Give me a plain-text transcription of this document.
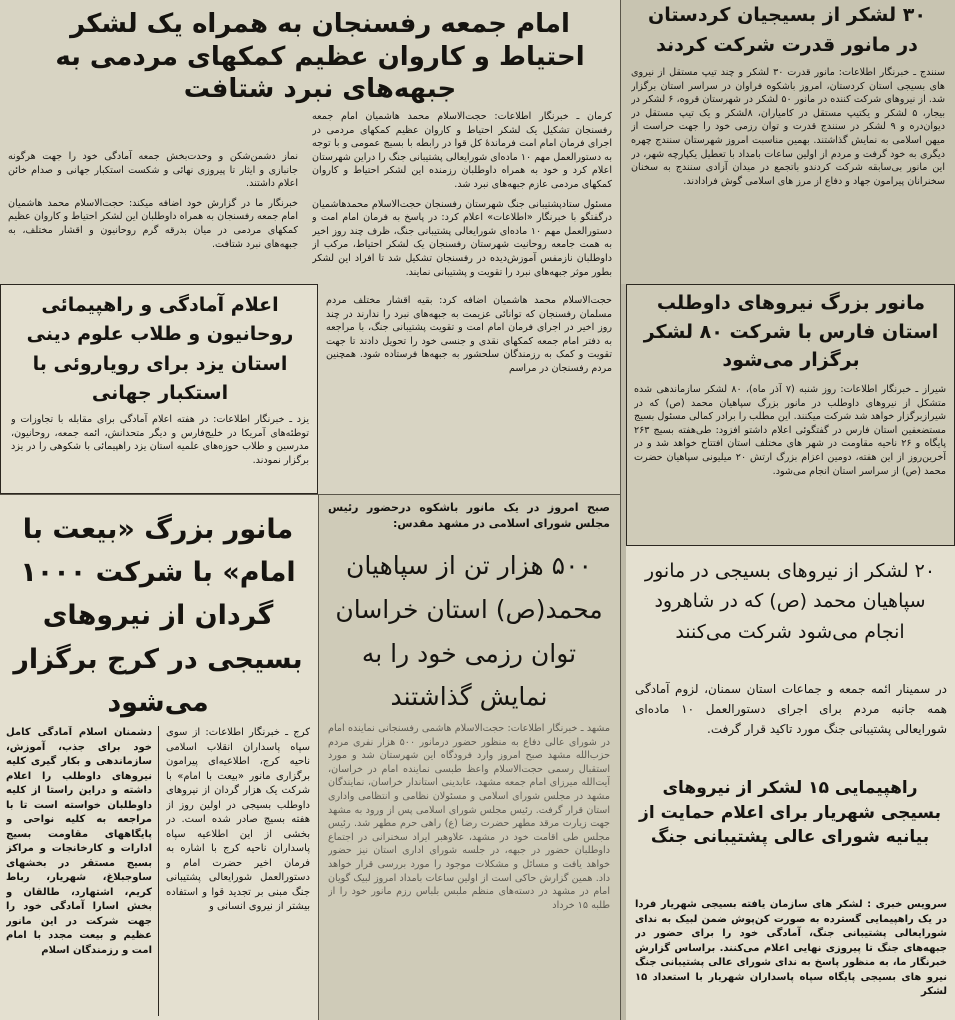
امام جمعه رفسنجان به همراه یک لشکر احتیاط و کاروان عظیم کمکهای مردمی به جبهه‌های نبرد شتافت

کرمان ـ خبرنگار اطلاعات: حجت‌الاسلام محمد هاشمیان امام جمعه رفسنجان تشکیل یک لشکر احتیاط و کاروان عظیم کمکهای مردمی در اجرای فرمان امام امت فرماندهٔ کل قوا در رابطه با بسیج عمومی و با توجه به دستورالعمل مهم ۱۰ ماده‌ای شورایعالی پشتیبانی جنگ را دراین شهرستان اعلام کرد و خود به همراه داوطلبان رزمنده این لشکر احتیاط و کاروان کمکهای مردمی عازم جبهه‌های نبرد شد.

مسئول ستادپشتیبانی جنگ شهرستان رفسنجان حجت‌الاسلام محمدهاشمیان درگفتگو با خبرنگار «اطلاعات» اعلام کرد: در پاسخ به فرمان امام امت و دستورالعمل مهم ۱۰ ماده‌ای شورایعالی پشتیبانی جنگ، ظرف چند روز اخیر به همت جامعه روحانیت شهرستان رفسنجان یک لشکر احتیاط، مرکب از داوطلبان نازمفس آموزش‌دیده در رفسنجان تشکیل شد تا افراد این لشکر بطور موثر جبهه‌های نبرد را تقویت و پشتیبانی نمایند.

نماز دشمن‌شکن و وحدت‌بخش جمعه آمادگی خود را جهت هرگونه جانبازی و ایثار تا پیروزی نهائی و شکست استکبار جهانی و صدام خائن اعلام داشتند.

خبرنگار ما در گزارش خود اضافه میکند: حجت‌الاسلام محمد هاشمیان امام جمعه رفسنجان به همراه داوطلبان این لشکر احتیاط و کاروان عظیم کمکهای مردمی در میان بدرقه گرم روحانیون و اقشار مختلف، به جبهه‌های نبرد شتافت.

حجت‌الاسلام محمد هاشمیان اضافه کرد: بقیه اقشار مختلف مردم مسلمان رفسنجان که توانائی عزیمت به جبهه‌های نبرد را ندارند در چند روز اخیر در اجرای فرمان امام امت و تقویت پشتیبانی جنگ، با مراجعه به دفتر امام جمعه کمکهای نقدی و جنسی خود را تحویل دادند تا جهت تقویت و کمک به رزمندگان سلحشور به جبهه‌ها فرستاده شود. همچنین مردم رفسنجان در مراسم

اعلام آمادگی و راهپیمائی روحانیون و طلاب علوم دینی استان یزد برای رویاروئی با استکبار جهانی

یزد ـ خبرنگار اطلاعات: در هفته اعلام آمادگی برای مقابله با تجاوزات و توطئه‌های آمریکا در خلیج‌فارس و دیگر متحدانش، ائمه جمعه، روحانیون، مدرسین و طلاب حوزه‌های علمیه استان یزد راهپیمائی با شکوهی را در یزد برگزار نمودند.

مانور بزرگ «بیعت با امام» با شرکت ۱۰۰۰ گردان از نیروهای بسیجی در کرج برگزار می‌شود

کرج ـ خبرنگار اطلاعات: از سوی سپاه پاسداران انقلاب اسلامی ناحیه کرج، اطلاعیه‌ای پیرامون برگزاری مانور «بیعت با امام» با شرکت یک هزار گردان از نیروهای داوطلب بسیجی در اولین روز از هفته بسیج صادر شده است. در بخشی از این اطلاعیه سپاه پاسداران ناحیه کرج با اشاره به فرمان اخیر حضرت امام و دستورالعمل شورایعالی پشتیبانی جنگ مبنی بر تجدید قوا و استفاده بیشتر از نیروی انسانی و

دشمنان اسلام آمادگی کامل خود برای جذب، آموزش، سازماندهی و بکار گیری کلیه نیروهای داوطلب را اعلام داشته و دراین راستا از کلیه داوطلبان خواسته است تا با مراجعه به کلیه نواحی و پایگاههای مقاومت بسیج ادارات و کارخانجات و مراکز بسیج مستقر در بخشهای ساوجبلاغ، شهریار، رباط کریم، اشتهارد، طالقان و بخش اسارا آمادگی خود را جهت شرکت در این مانور عظیم و بیعت مجدد با امام امت و رزمندگان اسلام

صبح امروز در یک مانور باشکوه درحضور رئیس مجلس شورای اسلامی در مشهد مقدس:

۵۰۰ هزار تن از سپاهیان محمد(ص) استان خراسان توان رزمی خود را به نمایش گذاشتند

مشهد ـ خبرنگار اطلاعات: حجت‌الاسلام هاشمی رفسنجانی نماینده امام در شورای عالی دفاع به منظور حضور درمانور ۵۰۰ هزار نفری مردم حزب‌الله مشهد صبح امروز وارد فرودگاه این شهرستان شد و مورد استقبال رسمی حجت‌الاسلام واعظ طبسی نماینده امام در خراسان، آیت‌الله میرزای امام جمعه مشهد، عابدینی استاندار خراسان، نمایندگان مشهد در مجلس شورای اسلامی و مسئولان نظامی و انتظامی واداری استان قرار گرفت. رئیس مجلس شورای اسلامی پس از ورود به مشهد جهت زیارت مرقد مطهر حضرت رضا (ع) راهی حرم مطهر شد. رئیس مجلس طی اقامت خود در مشهد، علاوهبر ایراد سخنرانی در اجتماع داوطلبان حضور در جبهه، در جلسه شورای اداری استان نیز حضور خواهد یافت و مسائل و مشکلات موجود را مورد بررسی قرار خواهد داد. همین گزارش حاکی است از اولین ساعات بامداد امروز لبیک گویان امام در مشهد در دسته‌های منظم ملبس بلباس رزم مانور خود را از طلبه ۱۵ خرداد

۳۰ لشکر از بسیجیان کردستان
در مانور قدرت شرکت کردند

سنندج ـ خبرنگار اطلاعات: مانور قدرت ۳۰ لشکر و چند تیپ مستقل از نیروی های بسیجی استان کردستان، امروز باشکوه فراوان در سراسر استان برگزار شد. از نیروهای شرکت کننده در مانور ۵۰ لشکر در شهرستان قروه، ۶ لشکر در بیجار، ۵ لشکر و یکتیپ مستقل در کامیاران، ۸لشکر و یک تیپ مستقل در دیوان‌دره و ۹ لشکر در سنندج قدرت و توان رزمی خود را جهت حراست از میهن اسلامی به نمایش گذاشتند. بهمین مناسبت امروز شهرستان سنندج چهره دیگری به خود گرفت و مردم از اولین ساعات بامداد با تعطیل یکپارچه شهر، در این مانور بی‌سابقه شرکت کردندو باتجمع در میدان آزادی سنندج به سخنان سخنرانان پیرامون جهاد و دفاع از مرز های اسلامی گوش فرادادند.

مانور بزرگ نیروهای داوطلب استان فارس با شرکت ۸۰ لشکر برگزار می‌شود

شیراز ـ خبرنگار اطلاعات: روز شنبه (۷ آذر ماه)، ۸۰ لشکر سازماندهی شده متشکل از نیروهای داوطلب در مانور بزرگ سپاهیان محمد (ص) که در شیرازبرگزار خواهد شد شرکت میکنند. این مطلب را برادر کمالی مسئول بسیج مستضعفین استان فارس در گفتگوئی اعلام داشتو افزود: طی‌هفته بسیج ۲۶۳ پایگاه و ۲۶ ناحیه مقاومت در شهر های مختلف استان افتتاح خواهد شد و در آخرین‌روز از این هفته، دومین اعزام بزرگ ارتش ۲۰ میلیونی سپاهیان حضرت محمد (ص) از سراسر استان انجام می‌شود.

۲۰ لشکر از نیروهای بسیجی در مانور سپاهیان محمد (ص) که در شاهرود انجام می‌شود شرکت می‌کنند

در سمینار ائمه جمعه و جماعات استان سمنان، لزوم آمادگی همه جانبه مردم برای اجرای دستورالعمل ۱۰ ماده‌ای شورایعالی پشتیبانی جنگ مورد تاکید قرار گرفت.

راهپیمایی ۱۵ لشکر از نیروهای بسیجی شهریار برای اعلام حمایت از بیانیه شورای عالی پشتیبانی جنگ

سرویس خبری : لشکر های سازمان یافته بسیجی شهریار فردا در یک راهپیمایی گسترده به صورت کن‌پوش ضمن لبیک به ندای شورایعالی پشتیبانی جنگ، آمادگی خود را برای حضور در جبهه‌های جنگ تا پیروزی نهایی اعلام می‌کنند. براساس گزارش خبرنگار ما، به منظور پاسخ به ندای شورای عالی پشتیبانی جنگ نیرو های بسیجی پایگاه سپاه پاسداران شهریار با استعداد ۱۵ لشکر
